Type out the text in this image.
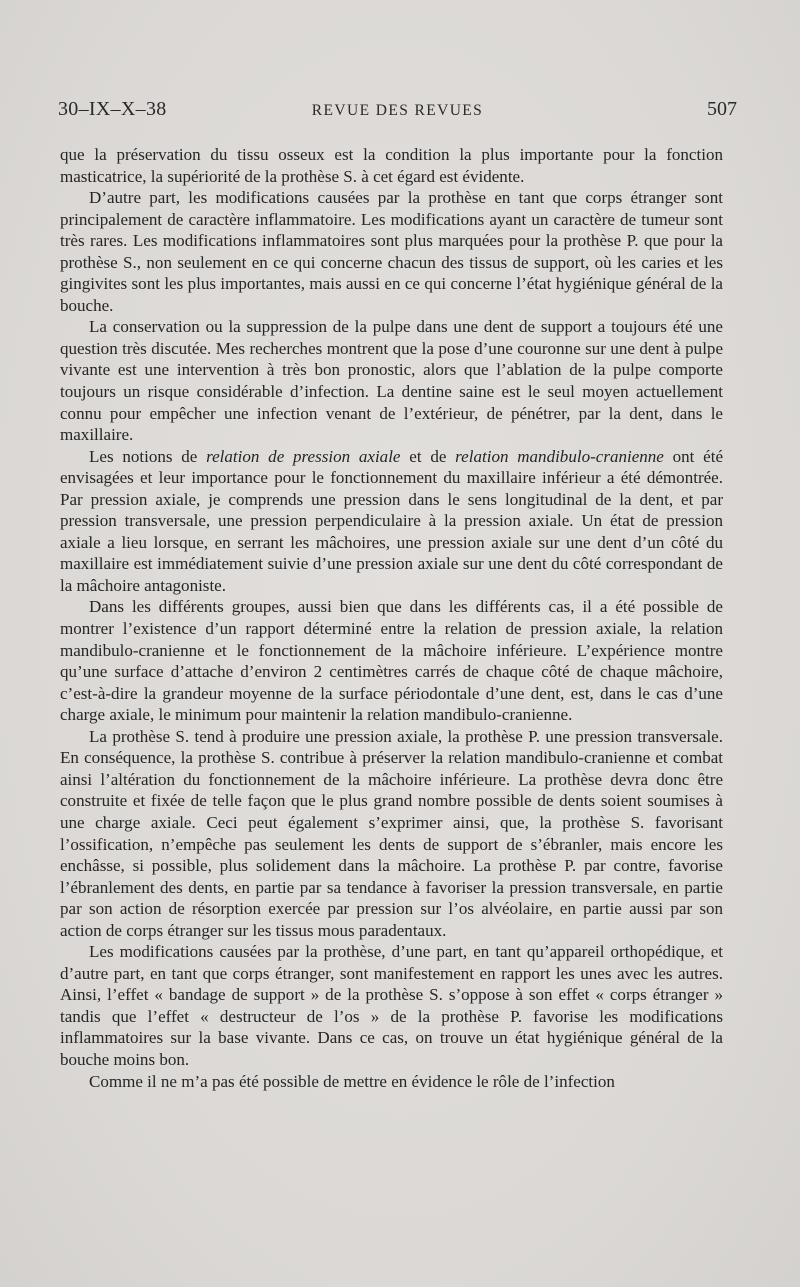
30–IX–X–38	REVUE DES REVUES	507

que la préservation du tissu osseux est la condition la plus importante pour la fonction masticatrice, la supériorité de la prothèse S. à cet égard est évidente.

D’autre part, les modifications causées par la prothèse en tant que corps étranger sont principalement de caractère inflammatoire. Les modifications ayant un caractère de tumeur sont très rares. Les modifications inflammatoires sont plus marquées pour la prothèse P. que pour la prothèse S., non seulement en ce qui concerne chacun des tissus de support, où les caries et les gingivites sont les plus importantes, mais aussi en ce qui concerne l’état hygiénique général de la bouche.

La conservation ou la suppression de la pulpe dans une dent de support a toujours été une question très discutée. Mes recherches montrent que la pose d’une couronne sur une dent à pulpe vivante est une intervention à très bon pronostic, alors que l’ablation de la pulpe comporte toujours un risque considérable d’infection. La dentine saine est le seul moyen actuellement connu pour empêcher une infection venant de l’extérieur, de pénétrer, par la dent, dans le maxillaire.

Les notions de relation de pression axiale et de relation mandibulo-cranienne ont été envisagées et leur importance pour le fonctionnement du maxillaire inférieur a été démontrée. Par pression axiale, je comprends une pression dans le sens longitudinal de la dent, et par pression transversale, une pression perpendiculaire à la pression axiale. Un état de pression axiale a lieu lorsque, en serrant les mâchoires, une pression axiale sur une dent d’un côté du maxillaire est immédiatement suivie d’une pression axiale sur une dent du côté correspondant de la mâchoire antagoniste.

Dans les différents groupes, aussi bien que dans les différents cas, il a été possible de montrer l’existence d’un rapport déterminé entre la relation de pression axiale, la relation mandibulo-cranienne et le fonctionnement de la mâchoire inférieure. L’expérience montre qu’une surface d’attache d’environ 2 centimètres carrés de chaque côté de chaque mâchoire, c’est-à-dire la grandeur moyenne de la surface périodontale d’une dent, est, dans le cas d’une charge axiale, le minimum pour maintenir la relation mandibulo-cranienne.

La prothèse S. tend à produire une pression axiale, la prothèse P. une pression transversale. En conséquence, la prothèse S. contribue à préserver la relation mandibulo-cranienne et combat ainsi l’altération du fonctionnement de la mâchoire inférieure. La prothèse devra donc être construite et fixée de telle façon que le plus grand nombre possible de dents soient soumises à une charge axiale. Ceci peut également s’exprimer ainsi, que, la prothèse S. favorisant l’ossification, n’empêche pas seulement les dents de support de s’ébranler, mais encore les enchâsse, si possible, plus solidement dans la mâchoire. La prothèse P. par contre, favorise l’ébranlement des dents, en partie par sa tendance à favoriser la pression transversale, en partie par son action de résorption exercée par pression sur l’os alvéolaire, en partie aussi par son action de corps étranger sur les tissus mous paradentaux.

Les modifications causées par la prothèse, d’une part, en tant qu’appareil orthopédique, et d’autre part, en tant que corps étranger, sont manifestement en rapport les unes avec les autres. Ainsi, l’effet « bandage de support » de la prothèse S. s’oppose à son effet « corps étranger » tandis que l’effet « destructeur de l’os » de la prothèse P. favorise les modifications inflammatoires sur la base vivante. Dans ce cas, on trouve un état hygiénique général de la bouche moins bon.

Comme il ne m’a pas été possible de mettre en évidence le rôle de l’infection
